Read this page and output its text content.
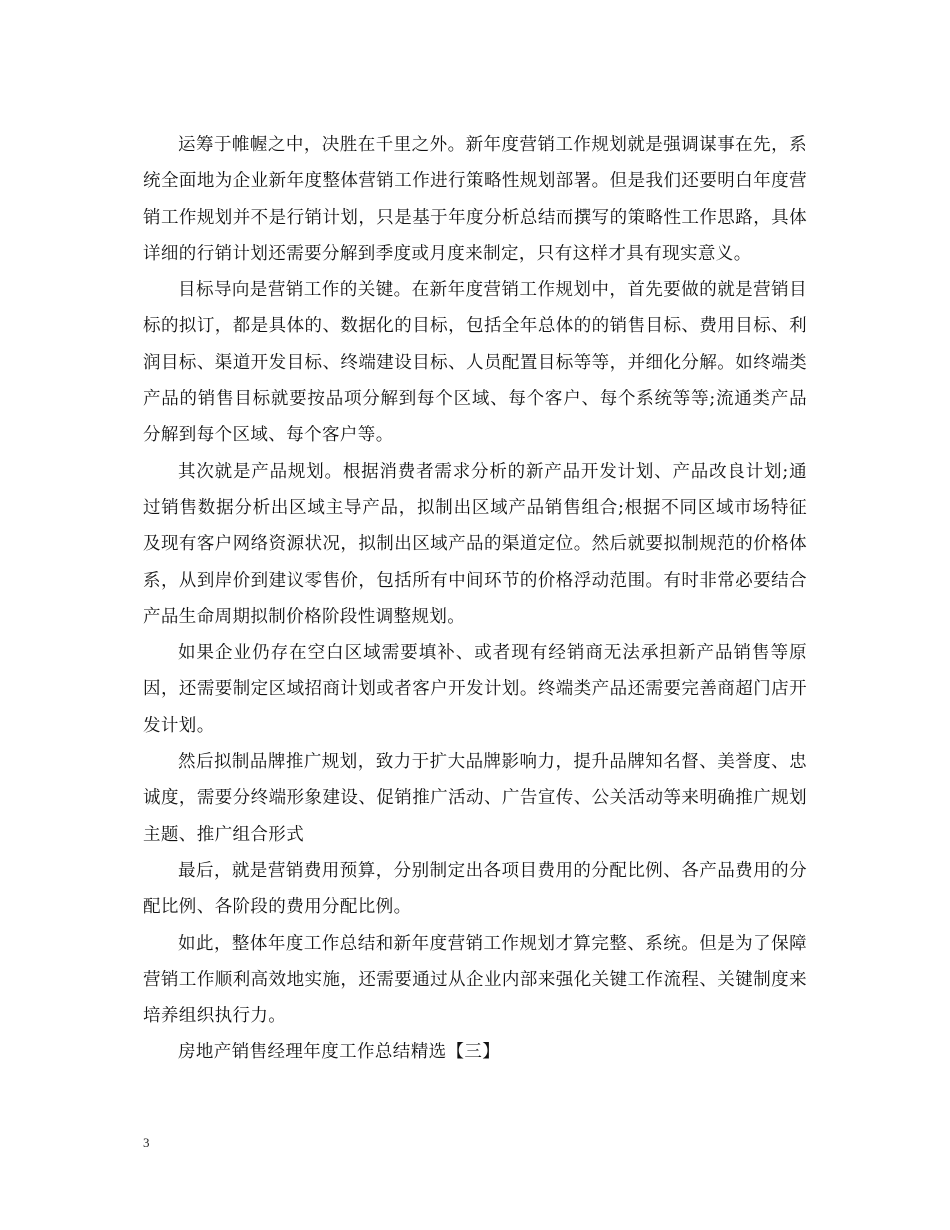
运筹于帷幄之中，决胜在千里之外。新年度营销工作规划就是强调谋事在先，系统全面地为企业新年度整体营销工作进行策略性规划部署。但是我们还要明白年度营销工作规划并不是行销计划，只是基于年度分析总结而撰写的策略性工作思路，具体详细的行销计划还需要分解到季度或月度来制定，只有这样才具有现实意义。

目标导向是营销工作的关键。在新年度营销工作规划中，首先要做的就是营销目标的拟订，都是具体的、数据化的目标，包括全年总体的的销售目标、费用目标、利润目标、渠道开发目标、终端建设目标、人员配置目标等等，并细化分解。如终端类产品的销售目标就要按品项分解到每个区域、每个客户、每个系统等等;流通类产品分解到每个区域、每个客户等。

其次就是产品规划。根据消费者需求分析的新产品开发计划、产品改良计划;通过销售数据分析出区域主导产品，拟制出区域产品销售组合;根据不同区域市场特征及现有客户网络资源状况，拟制出区域产品的渠道定位。然后就要拟制规范的价格体系，从到岸价到建议零售价，包括所有中间环节的价格浮动范围。有时非常必要结合产品生命周期拟制价格阶段性调整规划。

如果企业仍存在空白区域需要填补、或者现有经销商无法承担新产品销售等原因，还需要制定区域招商计划或者客户开发计划。终端类产品还需要完善商超门店开发计划。

然后拟制品牌推广规划，致力于扩大品牌影响力，提升品牌知名督、美誉度、忠诚度，需要分终端形象建设、促销推广活动、广告宣传、公关活动等来明确推广规划主题、推广组合形式

最后，就是营销费用预算，分别制定出各项目费用的分配比例、各产品费用的分配比例、各阶段的费用分配比例。

如此，整体年度工作总结和新年度营销工作规划才算完整、系统。但是为了保障营销工作顺利高效地实施，还需要通过从企业内部来强化关键工作流程、关键制度来培养组织执行力。

房地产销售经理年度工作总结精选【三】

3
